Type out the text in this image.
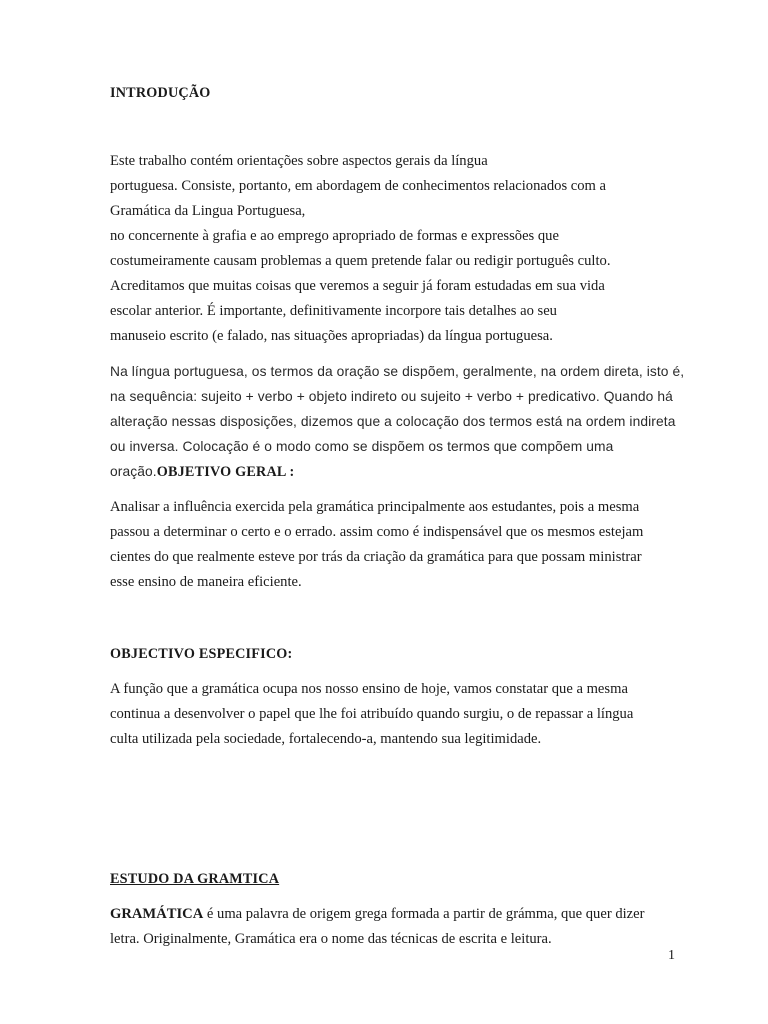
INTRODUÇÃO
Este trabalho contém orientações sobre aspectos gerais da língua
portuguesa. Consiste, portanto, em abordagem de conhecimentos relacionados com a
Gramática da Lingua Portuguesa,
no concernente à grafia e ao emprego apropriado de formas e expressões que
costumeiramente causam problemas a quem pretende falar ou redigir português culto.
Acreditamos que muitas coisas que veremos a seguir já foram estudadas em sua vida
escolar anterior. É importante, definitivamente incorpore tais detalhes ao seu
manuseio escrito (e falado, nas situações apropriadas) da língua portuguesa.
Na língua portuguesa, os termos da oração se dispõem, geralmente, na ordem direta, isto é,
na sequência: sujeito + verbo + objeto indireto ou sujeito + verbo + predicativo. Quando há
alteração nessas disposições, dizemos que a colocação dos termos está na ordem indireta
ou inversa. Colocação é o modo como se dispõem os termos que compõem uma
oração.OBJETIVO GERAL :
Analisar a influência exercida pela gramática principalmente aos estudantes, pois a mesma
passou a determinar o certo e o errado. assim como é indispensável que os mesmos estejam
cientes do que realmente esteve por trás da criação da gramática para que possam ministrar
esse ensino de maneira eficiente.
OBJECTIVO ESPECIFICO:
A função que a gramática ocupa nos nosso ensino de hoje, vamos constatar que a mesma
continua a desenvolver o papel que lhe foi atribuído quando surgiu, o de repassar a língua
culta utilizada pela sociedade, fortalecendo-a, mantendo sua legitimidade.
ESTUDO DA GRAMTICA
GRAMÁTICA é uma palavra de origem grega formada a partir de grámma, que quer dizer
letra. Originalmente, Gramática era o nome das técnicas de escrita e leitura.
1
